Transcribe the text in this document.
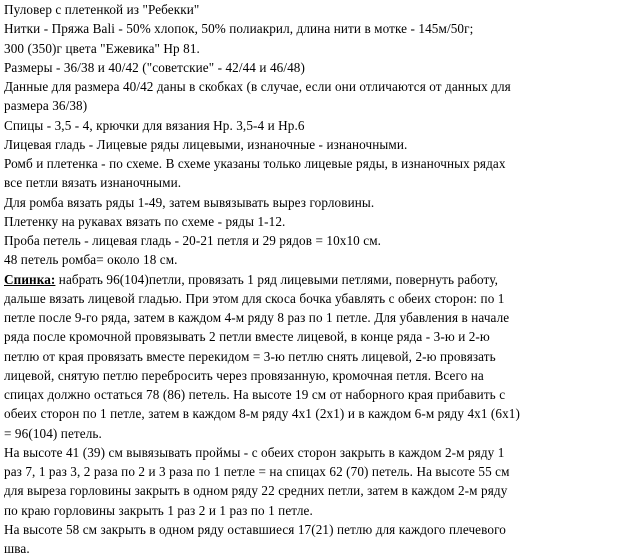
Пуловер с плетенкой из "Ребекки"
Нитки - Пряжа Bali - 50% хлопок, 50% полиакрил, длина нити в мотке - 145м/50г;
300 (350)г цвета "Ежевика" Нр 81.
Размеры - 36/38 и 40/42 ("советские" - 42/44 и 46/48)
Данные для размера 40/42 даны в скобках (в случае, если они отличаются от данных для
размера 36/38)
Спицы - 3,5 - 4, крючки для вязания Нр. 3,5-4 и Нр.6
Лицевая гладь - Лицевые ряды лицевыми, изнаночные - изнаночными.
Ромб и плетенка - по схеме. В схеме указаны только лицевые ряды, в изнаночных рядах
все петли вязать изнаночными.
Для ромба вязать ряды 1-49, затем вывязывать вырез горловины.
Плетенку на рукавах вязать по схеме - ряды 1-12.
Проба петель - лицевая гладь - 20-21 петля и 29 рядов = 10х10 см.
48 петель ромба= около 18 см.
Спинка: набрать 96(104)петли, провязать 1 ряд лицевыми петлями, повернуть работу,
дальше вязать лицевой гладью. При этом для скоса бочка убавлять с обеих сторон: по 1
петле после 9-го ряда, затем в каждом 4-м ряду 8 раз по 1 петле. Для убавления в начале
ряда после кромочной провязывать 2 петли вместе лицевой, в конце ряда - 3-ю и 2-ю
петлю от края провязать вместе перекидом = 3-ю петлю снять лицевой, 2-ю провязать
лицевой, снятую петлю перебросить через провязанную, кромочная петля. Всего на
спицах должно остаться 78 (86) петель. На высоте 19 см от наборного края прибавить с
обеих сторон по 1 петле, затем в каждом 8-м ряду 4х1 (2х1) и в каждом 6-м ряду 4х1 (6х1)
= 96(104) петель.
На высоте 41 (39) см вывязывать проймы - с обеих сторон закрыть в каждом 2-м ряду 1
раз 7, 1 раз 3, 2 раза по 2 и 3 раза по 1 петле = на спицах 62 (70) петель. На высоте 55 см
для выреза горловины закрыть в одном ряду 22 средних петли, затем в каждом 2-м ряду
по краю горловины закрыть 1 раз 2 и 1 раз по 1 петле.
На высоте 58 см закрыть в одном ряду оставшиеся 17(21) петлю для каждого плечевого
шва.
